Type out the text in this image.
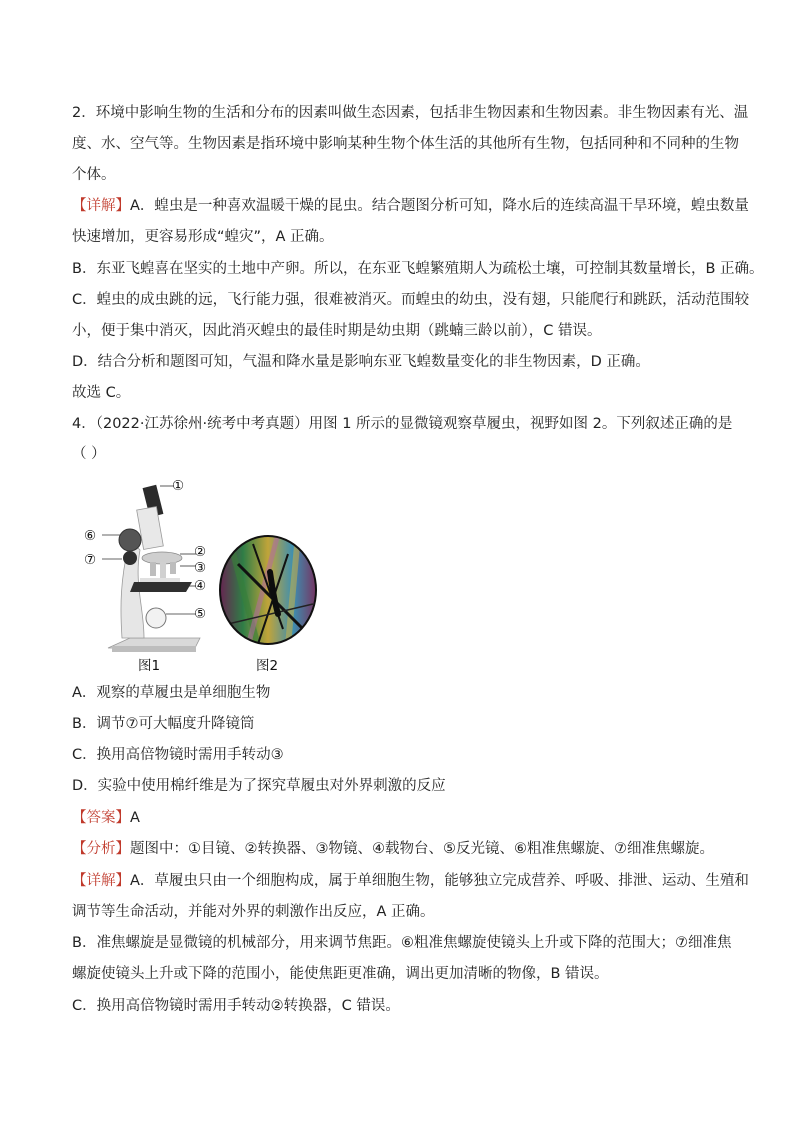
2．环境中影响生物的生活和分布的因素叫做生态因素，包括非生物因素和生物因素。非生物因素有光、温
度、水、空气等。生物因素是指环境中影响某种生物个体生活的其他所有生物，包括同种和不同种的生物
个体。
【详解】A．蝗虫是一种喜欢温暖干燥的昆虫。结合题图分析可知，降水后的连续高温干旱环境，蝗虫数量
快速增加，更容易形成“蝗灾”，A 正确。
B．东亚飞蝗喜在坚实的土地中产卵。所以，在东亚飞蝗繁殖期人为疏松土壤，可控制其数量增长，B 正确。
C．蝗虫的成虫跳的远，飞行能力强，很难被消灭。而蝗虫的幼虫，没有翅，只能爬行和跳跃，活动范围较
小，便于集中消灭，因此消灭蝗虫的最佳时期是幼虫期（跳蝻三龄以前），C 错误。
D．结合分析和题图可知，气温和降水量是影响东亚飞蝗数量变化的非生物因素，D 正确。
故选 C。
4．（2022·江苏徐州·统考中考真题）用图 1 所示的显微镜观察草履虫，视野如图 2。下列叙述正确的是
（ ）
①
②
③
④
⑤
⑥
⑦
图1	图2
A．观察的草履虫是单细胞生物
B．调节⑦可大幅度升降镜筒
C．换用高倍物镜时需用手转动③
D．实验中使用棉纤维是为了探究草履虫对外界刺激的反应
【答案】A
【分析】题图中：①目镜、②转换器、③物镜、④载物台、⑤反光镜、⑥粗准焦螺旋、⑦细准焦螺旋。
【详解】A．草履虫只由一个细胞构成，属于单细胞生物，能够独立完成营养、呼吸、排泄、运动、生殖和
调节等生命活动，并能对外界的刺激作出反应，A 正确。
B．准焦螺旋是显微镜的机械部分，用来调节焦距。⑥粗准焦螺旋使镜头上升或下降的范围大；⑦细准焦
螺旋使镜头上升或下降的范围小，能使焦距更准确，调出更加清晰的物像，B 错误。
C．换用高倍物镜时需用手转动②转换器，C 错误。
